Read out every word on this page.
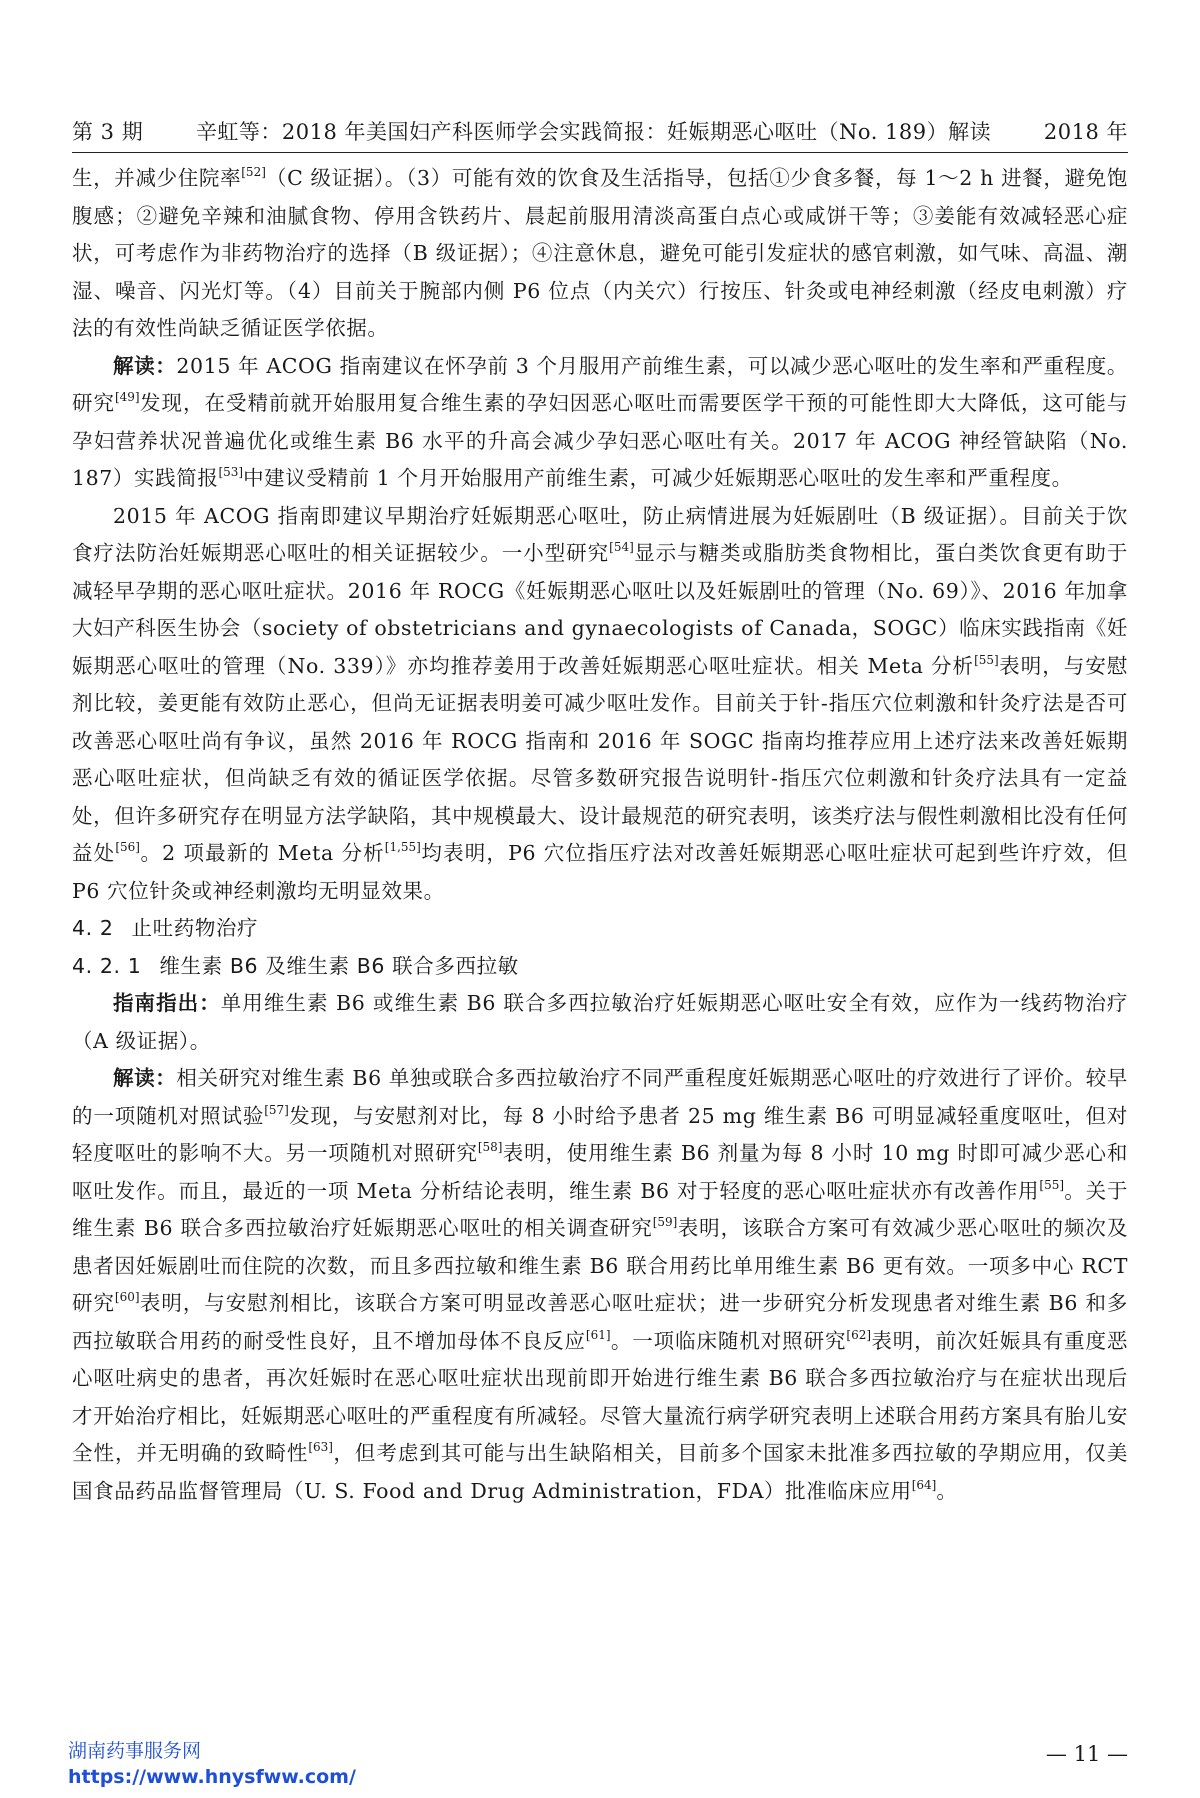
第 3 期	辛虹等：2018 年美国妇产科医师学会实践简报：妊娠期恶心呕吐（No. 189）解读	2018 年

生，并减少住院率[52]（C 级证据）。（3）可能有效的饮食及生活指导，包括①少食多餐，每 1～2 h 进餐，避免饱腹感；②避免辛辣和油腻食物、停用含铁药片、晨起前服用清淡高蛋白点心或咸饼干等；③姜能有效减轻恶心症状，可考虑作为非药物治疗的选择（B 级证据）；④注意休息，避免可能引发症状的感官刺激，如气味、高温、潮湿、噪音、闪光灯等。（4）目前关于腕部内侧 P6 位点（内关穴）行按压、针灸或电神经刺激（经皮电刺激）疗法的有效性尚缺乏循证医学依据。

解读：2015 年 ACOG 指南建议在怀孕前 3 个月服用产前维生素，可以减少恶心呕吐的发生率和严重程度。研究[49]发现，在受精前就开始服用复合维生素的孕妇因恶心呕吐而需要医学干预的可能性即大大降低，这可能与孕妇营养状况普遍优化或维生素 B6 水平的升高会减少孕妇恶心呕吐有关。2017 年 ACOG 神经管缺陷（No. 187）实践简报[53]中建议受精前 1 个月开始服用产前维生素，可减少妊娠期恶心呕吐的发生率和严重程度。

2015 年 ACOG 指南即建议早期治疗妊娠期恶心呕吐，防止病情进展为妊娠剧吐（B 级证据）。目前关于饮食疗法防治妊娠期恶心呕吐的相关证据较少。一小型研究[54]显示与糖类或脂肪类食物相比，蛋白类饮食更有助于减轻早孕期的恶心呕吐症状。2016 年 ROCG《妊娠期恶心呕吐以及妊娠剧吐的管理（No. 69）》、2016 年加拿大妇产科医生协会（society of obstetricians and gynaecologists of Canada，SOGC）临床实践指南《妊娠期恶心呕吐的管理（No. 339）》亦均推荐姜用于改善妊娠期恶心呕吐症状。相关 Meta 分析[55]表明，与安慰剂比较，姜更能有效防止恶心，但尚无证据表明姜可减少呕吐发作。目前关于针-指压穴位刺激和针灸疗法是否可改善恶心呕吐尚有争议，虽然 2016 年 ROCG 指南和 2016 年 SOGC 指南均推荐应用上述疗法来改善妊娠期恶心呕吐症状，但尚缺乏有效的循证医学依据。尽管多数研究报告说明针-指压穴位刺激和针灸疗法具有一定益处，但许多研究存在明显方法学缺陷，其中规模最大、设计最规范的研究表明，该类疗法与假性刺激相比没有任何益处[56]。2 项最新的 Meta 分析[1,55]均表明，P6 穴位指压疗法对改善妊娠期恶心呕吐症状可起到些许疗效，但 P6 穴位针灸或神经刺激均无明显效果。

4. 2 止吐药物治疗

4. 2. 1 维生素 B6 及维生素 B6 联合多西拉敏

指南指出：单用维生素 B6 或维生素 B6 联合多西拉敏治疗妊娠期恶心呕吐安全有效，应作为一线药物治疗（A 级证据）。

解读：相关研究对维生素 B6 单独或联合多西拉敏治疗不同严重程度妊娠期恶心呕吐的疗效进行了评价。较早的一项随机对照试验[57]发现，与安慰剂对比，每 8 小时给予患者 25 mg 维生素 B6 可明显减轻重度呕吐，但对轻度呕吐的影响不大。另一项随机对照研究[58]表明，使用维生素 B6 剂量为每 8 小时 10 mg 时即可减少恶心和呕吐发作。而且，最近的一项 Meta 分析结论表明，维生素 B6 对于轻度的恶心呕吐症状亦有改善作用[55]。关于维生素 B6 联合多西拉敏治疗妊娠期恶心呕吐的相关调查研究[59]表明，该联合方案可有效减少恶心呕吐的频次及患者因妊娠剧吐而住院的次数，而且多西拉敏和维生素 B6 联合用药比单用维生素 B6 更有效。一项多中心 RCT 研究[60]表明，与安慰剂相比，该联合方案可明显改善恶心呕吐症状；进一步研究分析发现患者对维生素 B6 和多西拉敏联合用药的耐受性良好，且不增加母体不良反应[61]。一项临床随机对照研究[62]表明，前次妊娠具有重度恶心呕吐病史的患者，再次妊娠时在恶心呕吐症状出现前即开始进行维生素 B6 联合多西拉敏治疗与在症状出现后才开始治疗相比，妊娠期恶心呕吐的严重程度有所减轻。尽管大量流行病学研究表明上述联合用药方案具有胎儿安全性，并无明确的致畸性[63]，但考虑到其可能与出生缺陷相关，目前多个国家未批准多西拉敏的孕期应用，仅美国食品药品监督管理局（U. S. Food and Drug Administration，FDA）批准临床应用[64]。

— 11 —
湖南药事服务网
https://www.hnysfww.com/
